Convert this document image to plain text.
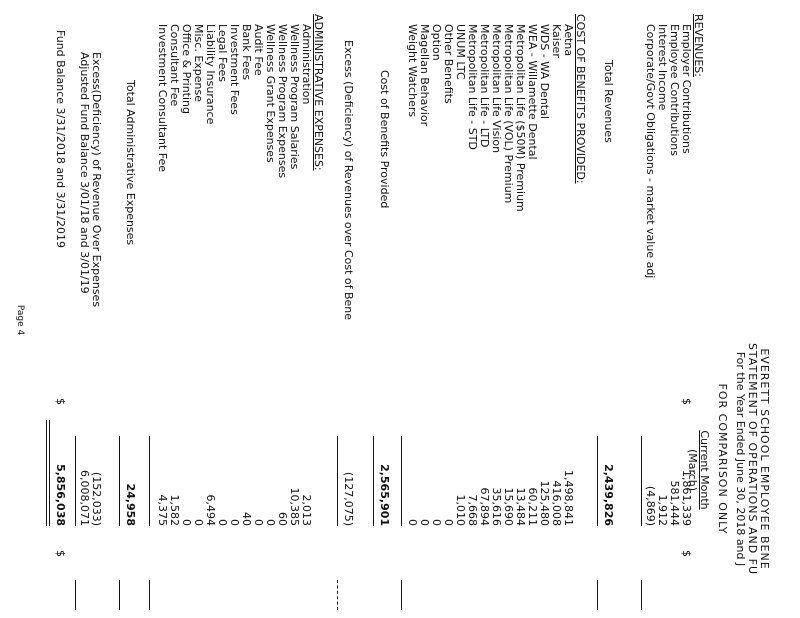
EVERETT SCHOOL EMPLOYEE BENE
STATEMENT OF OPERATIONS AND FU
For the Year Ended June 30, 2018 and J
FOR COMPARISON ONLY
Current Month
(March)
REVENUES:
Employer Contributions
$
1,861,339
Employee Contributions
581,444
Interest Income
1,912
Corporate/Govt Obligations - market value adj
(4,869)
Total Revenues
2,439,826
COST OF BENEFITS PROVIDED:
Aetna
1,498,841
Kaiser
416,008
WDS - WA Dental
125,480
WEA - Willamette Dental
60,211
Metropolitan Life ($50M) Premium
13,484
Metropolitan Life (VOL) Premium
15,690
Metropolitan Life Vision
35,616
Metropolitan Life - LTD
67,894
Metropolitan Life - STD
7,668
UNUM LTC
1,010
Other Benefits
0
Option
0
Magellan Behavior
0
Weight Watchers
0
Cost of Benefits Provided
2,565,901
Excess (Deficiency) of Revenues over Cost of Bene
(127,075)
ADMINISTRATIVE EXPENSES:
Administration
2,013
Wellness Program Salaries
10,385
Wellness Program Expenses
60
Wellness Grant Expenses
0
Audit Fee
0
Bank Fees
40
Investment Fees
0
Legal Fees
0
Liability Insurance
6,494
Misc. Expense
0
Office & Printing
0
Consultant Fee
1,582
Investment Consultant Fee
4,375
Total Administrative Expenses
24,958
Excess(Deficiency) of Revenue Over Expenses
(152,033)
Adjusted Fund Balance 3/01/18 and 3/01/19
6,008,071
Fund Balance 3/31/2018 and 3/31/2019
$
5,856,038
$
$
Page 4
